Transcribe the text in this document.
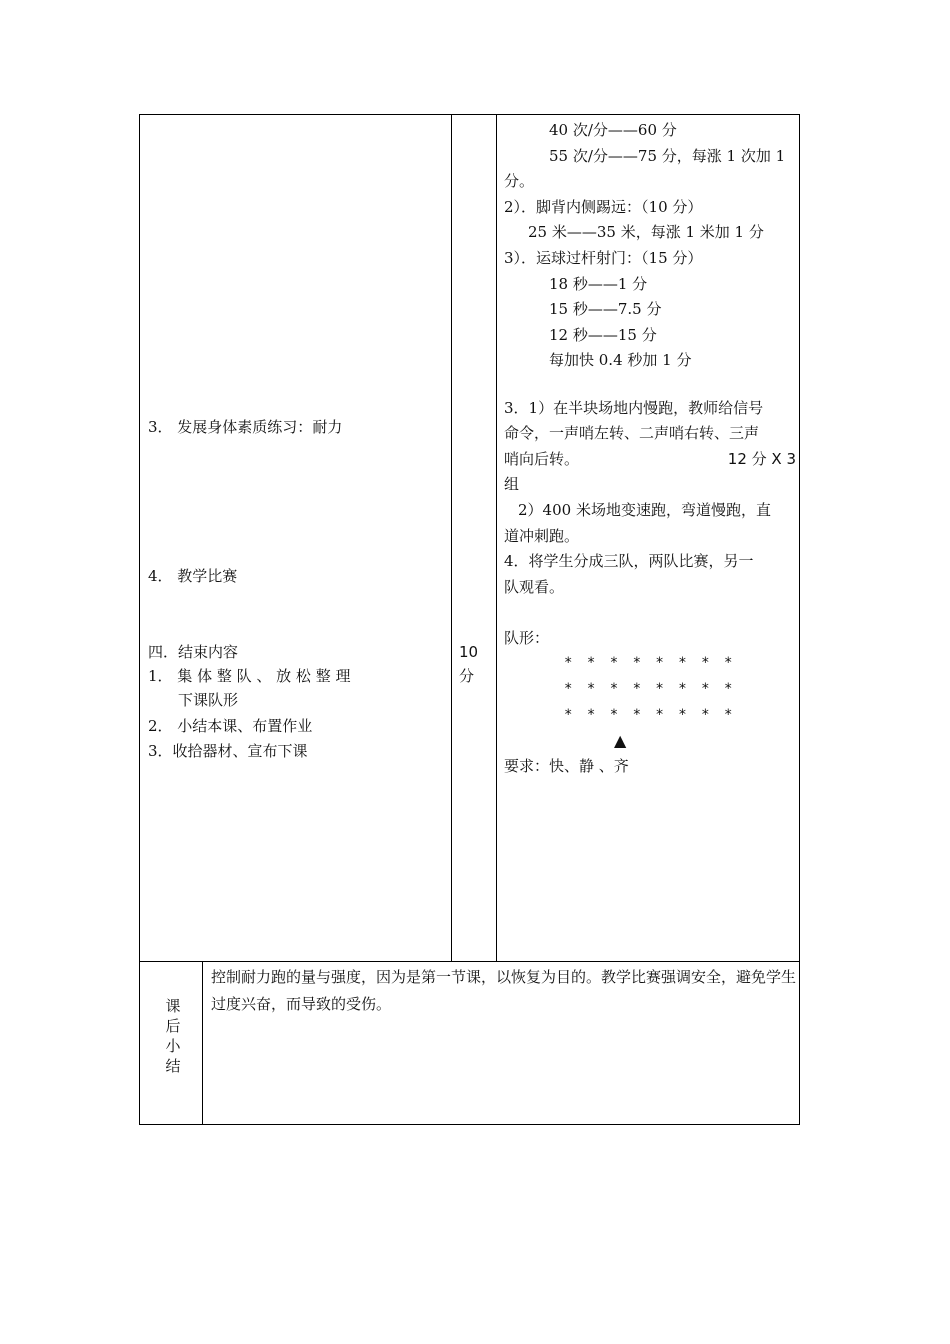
3． 发展身体素质练习：耐力
4． 教学比赛
四．结束内容
1． 集 体 整 队 、 放 松 整 理
下课队形
2． 小结本课、布置作业
3．收拾器材、宣布下课
10
分
40 次/分——60 分
55 次/分——75 分，每涨 1 次加 1
分。
2）．脚背内侧踢远：（10 分）
25 米——35 米，每涨 1 米加 1 分
3）．运球过杆射门：（15 分）
18 秒——1 分
15 秒——7.5 分
12 秒——15 分
每加快 0.4 秒加 1 分
3．1）在半块场地内慢跑，教师给信号
命令，一声哨左转、二声哨右转、三声
哨向后转。	12 分 X 3
组
2）400 米场地变速跑，弯道慢跑，直
道冲刺跑。
4．将学生分成三队，两队比赛，另一
队观看。
队形：
* * * * * * * *
* * * * * * * *
* * * * * * * *
▲
要求：快、静 、齐
课
后
小
结
控制耐力跑的量与强度，因为是第一节课，以恢复为目的。教学比赛强调安全，避免学生过度兴奋，而导致的受伤。
